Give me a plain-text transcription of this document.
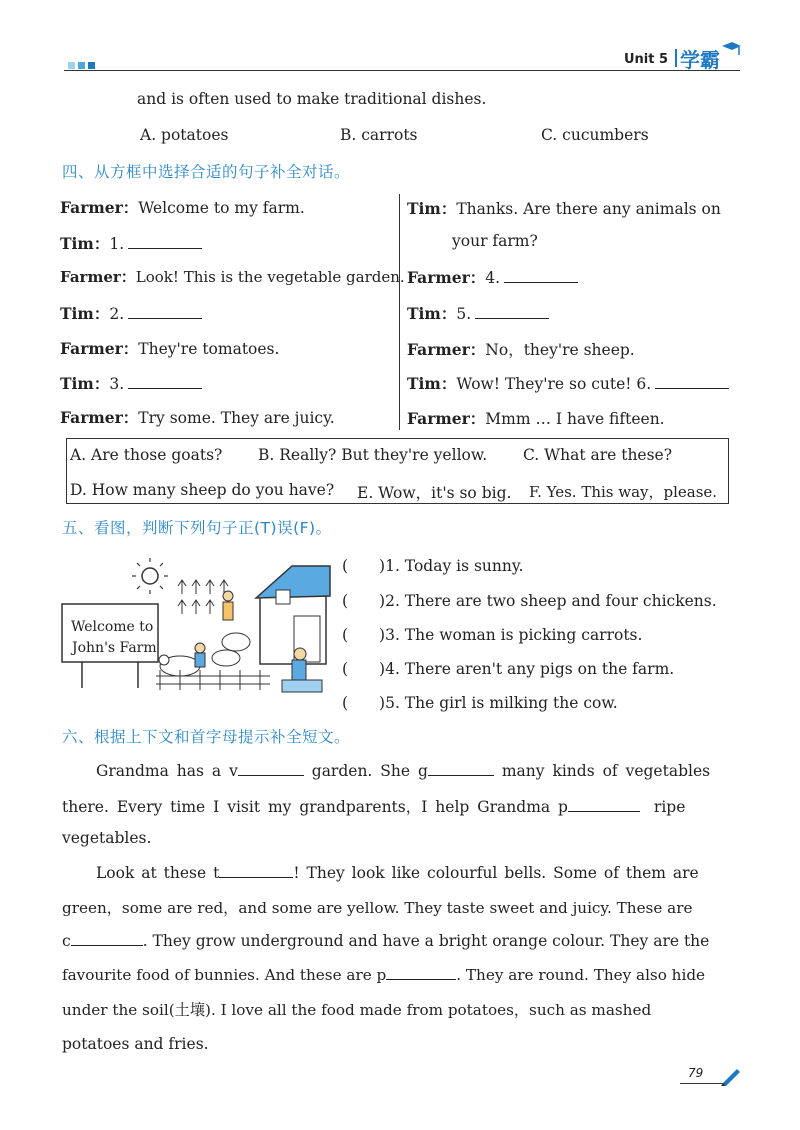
Unit 5 学霸
and is often used to make traditional dishes.
A. potatoes	B. carrots	C. cucumbers
四、从方框中选择合适的句子补全对话。
Farmer：Welcome to my farm.
Tim：1.
Farmer：Look! This is the vegetable garden.
Tim：2.
Farmer：They're tomatoes.
Tim：3.
Farmer：Try some. They are juicy.
Tim：Thanks. Are there any animals on
your farm?
Farmer：4.
Tim：5.
Farmer：No，they're sheep.
Tim：Wow! They're so cute! 6.
Farmer：Mmm … I have fifteen.
A. Are those goats? B. Really? But they're yellow. C. What are these?
D. How many sheep do you have? E. Wow，it's so big. F. Yes. This way，please.
五、看图，判断下列句子正(T)误(F)。
Welcome to
John's Farm
(　　)1. Today is sunny.
(　　)2. There are two sheep and four chickens.
(　　)3. The woman is picking carrots.
(　　)4. There aren't any pigs on the farm.
(　　)5. The girl is milking the cow.
六、根据上下文和首字母提示补全短文。
Grandma has a v	garden. She g	many kinds of vegetables
there. Every time I visit my grandparents，I help Grandma p	ripe
vegetables.
Look at these t	! They look like colourful bells. Some of them are
green，some are red，and some are yellow. They taste sweet and juicy. These are
c	. They grow underground and have a bright orange colour. They are the
favourite food of bunnies. And these are p	. They are round. They also hide
under the soil(土壤). I love all the food made from potatoes，such as mashed
potatoes and fries.
79
